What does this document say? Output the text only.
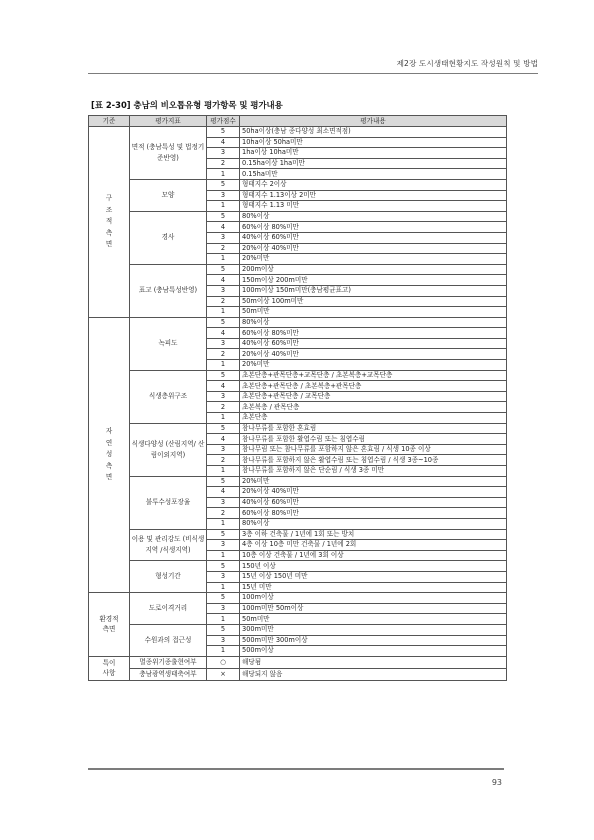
제2장 도시생태현황지도 작성원칙 및 방법
[표 2-30] 충남의 비오톱유형 평가항목 및 평가내용
기준	평가지표	평가점수	평가내용
구조적측면	면적 (충남특성 및 법정기준반영)	5	50ha이상(충남 종다양성 최소면적점)
		4	10ha이상 50ha미만
		3	1ha이상 10ha미만
		2	0.15ha이상 1ha미만
		1	0.15ha미만
	모양	5	형태지수 2이상
		3	형태지수 1.13이상 2미만
		1	형태지수 1.13 미만
	경사	5	80%이상
		4	60%이상 80%미만
		3	40%이상 60%미만
		2	20%이상 40%미만
		1	20%미만
	표고 (충남특성반영)	5	200m이상
		4	150m이상 200m미만
		3	100m이상 150m미만(충남평균표고)
		2	50m이상 100m미만
		1	50m미만
자연성측면	녹피도	5	80%이상
		4	60%이상 80%미만
		3	40%이상 60%미만
		2	20%이상 40%미만
		1	20%미만
	식생층위구조	5	초본단층+관목단층+교목단층 / 초본복층+교목단층
		4	초본단층+관목단층 / 초본복층+관목단층
		3	초본단층+관목단층 / 교목단층
		2	초본복층 / 관목단층
		1	초본단층
	식생다양성 (산림지역/ 산림이외지역)	5	참나무류를 포함한 혼효림
		4	참나무류를 포함한 활엽수림 또는 침엽수림
		3	참나무림 또는 참나무류를 포함하지 않은 혼효림 / 식생 10종 이상
		2	참나무류를 포함하지 않은 활엽수림 또는 침엽수림 / 식생 3종~10종
		1	참나무류를 포함하지 않은 단순림 / 식생 3종 미만
	불투수성포장율	5	20%미만
		4	20%이상 40%미만
		3	40%이상 60%미만
		2	60%이상 80%미만
		1	80%이상
	이용 및 관리강도 (비식생지역 /식생지역)	5	3층 이하 건축물 / 1년에 1회 또는 방치
		3	4층 이상 10층 미만 건축물 / 1년에 2회
		1	10층 이상 건축물 / 1년에 3회 이상
	형성기간	5	150년 이상
		3	15년 이상 150년 미만
		1	15년 미만
환경적
측면	도로이격거리	5	100m이상
		3	100m미만 50m이상
		1	50m미만
	수원과의 접근성	5	300m미만
		3	500m미만 300m이상
		1	500m이상
특이
사항	멸종위기종출현여부	○	해당됨
	충남광역생태축여부	×	해당되지 않음
93
